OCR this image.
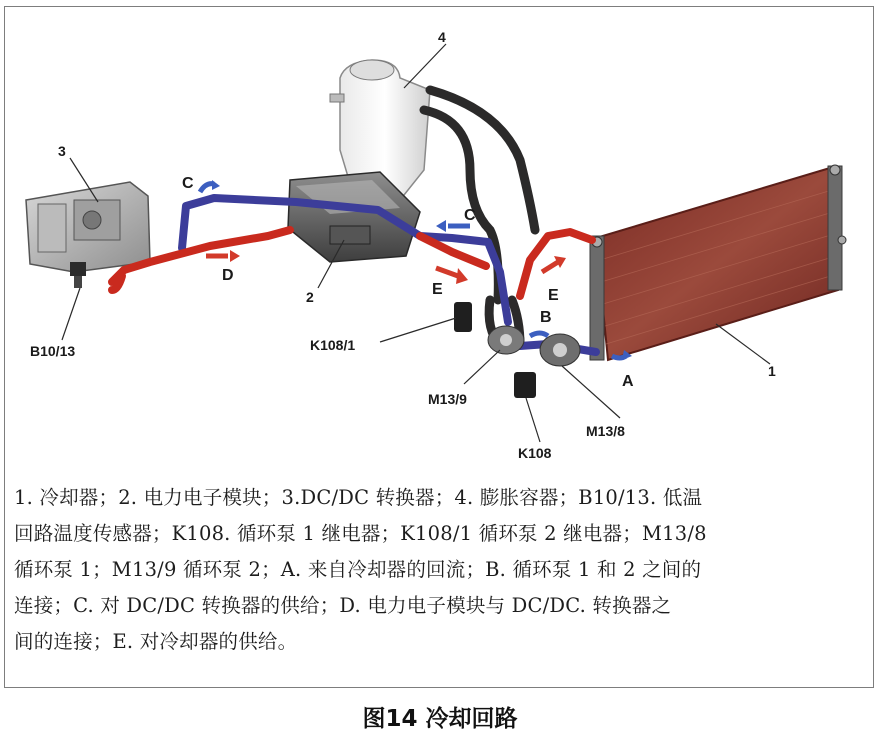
1
2
3
4
B10/13	K108/1
M13/9
M13/8
K108
A
B
C
C
D
E	E
1. 冷却器；2. 电力电子模块；3.DC/DC 转换器；4. 膨胀容器；B10/13. 低温
回路温度传感器；K108. 循环泵 1 继电器；K108/1 循环泵 2 继电器；M13/8
循环泵 1；M13/9 循环泵 2；A. 来自冷却器的回流；B. 循环泵 1 和 2 之间的
连接；C. 对 DC/DC 转换器的供给；D. 电力电子模块与 DC/DC. 转换器之
间的连接；E. 对冷却器的供给。
图14 冷却回路
